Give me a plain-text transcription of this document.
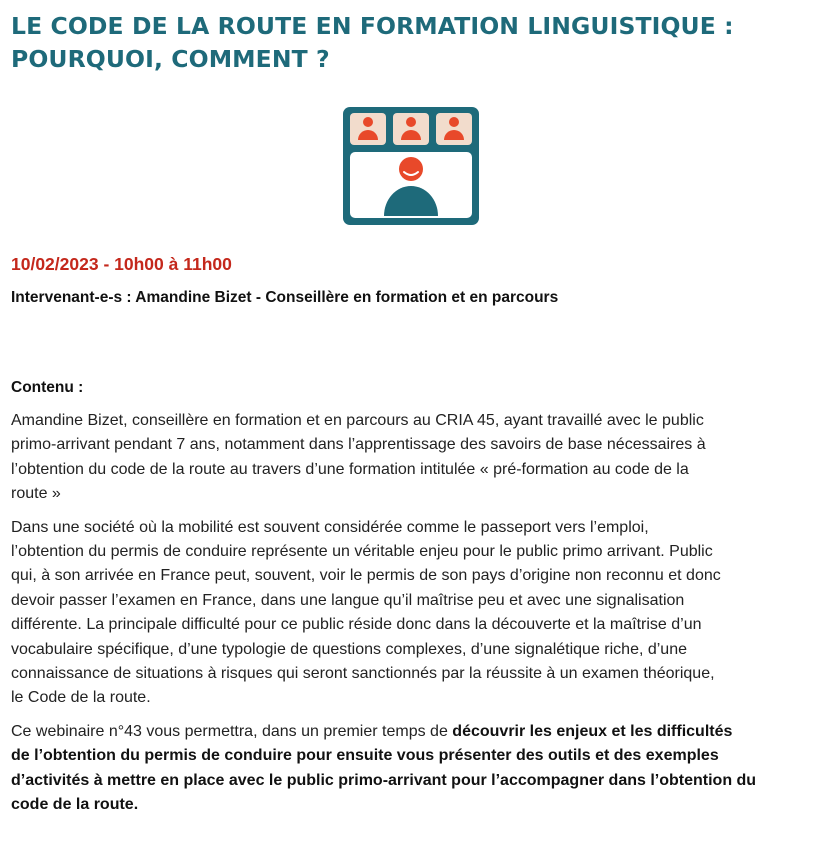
LE CODE DE LA ROUTE EN FORMATION LINGUISTIQUE :
POURQUOI, COMMENT ?

10/02/2023 - 10h00 à 11h00

Intervenant-e-s : Amandine Bizet - Conseillère en formation et en parcours

Contenu :

Amandine Bizet, conseillère en formation et en parcours au CRIA 45, ayant travaillé avec le public
primo-arrivant pendant 7 ans, notamment dans l’apprentissage des savoirs de base nécessaires à
l’obtention du code de la route au travers d’une formation intitulée « pré-formation au code de la
route »

Dans une société où la mobilité est souvent considérée comme le passeport vers l’emploi,
l’obtention du permis de conduire représente un véritable enjeu pour le public primo arrivant. Public
qui, à son arrivée en France peut, souvent, voir le permis de son pays d’origine non reconnu et donc
devoir passer l’examen en France, dans une langue qu’il maîtrise peu et avec une signalisation
différente. La principale difficulté pour ce public réside donc dans la découverte et la maîtrise d’un
vocabulaire spécifique, d’une typologie de questions complexes, d’une signalétique riche, d’une
connaissance de situations à risques qui seront sanctionnés par la réussite à un examen théorique,
le Code de la route.

Ce webinaire n°43 vous permettra, dans un premier temps de découvrir les enjeux et les difficultés
de l’obtention du permis de conduire pour ensuite vous présenter des outils et des exemples
d’activités à mettre en place avec le public primo-arrivant pour l’accompagner dans l’obtention du
code de la route.
